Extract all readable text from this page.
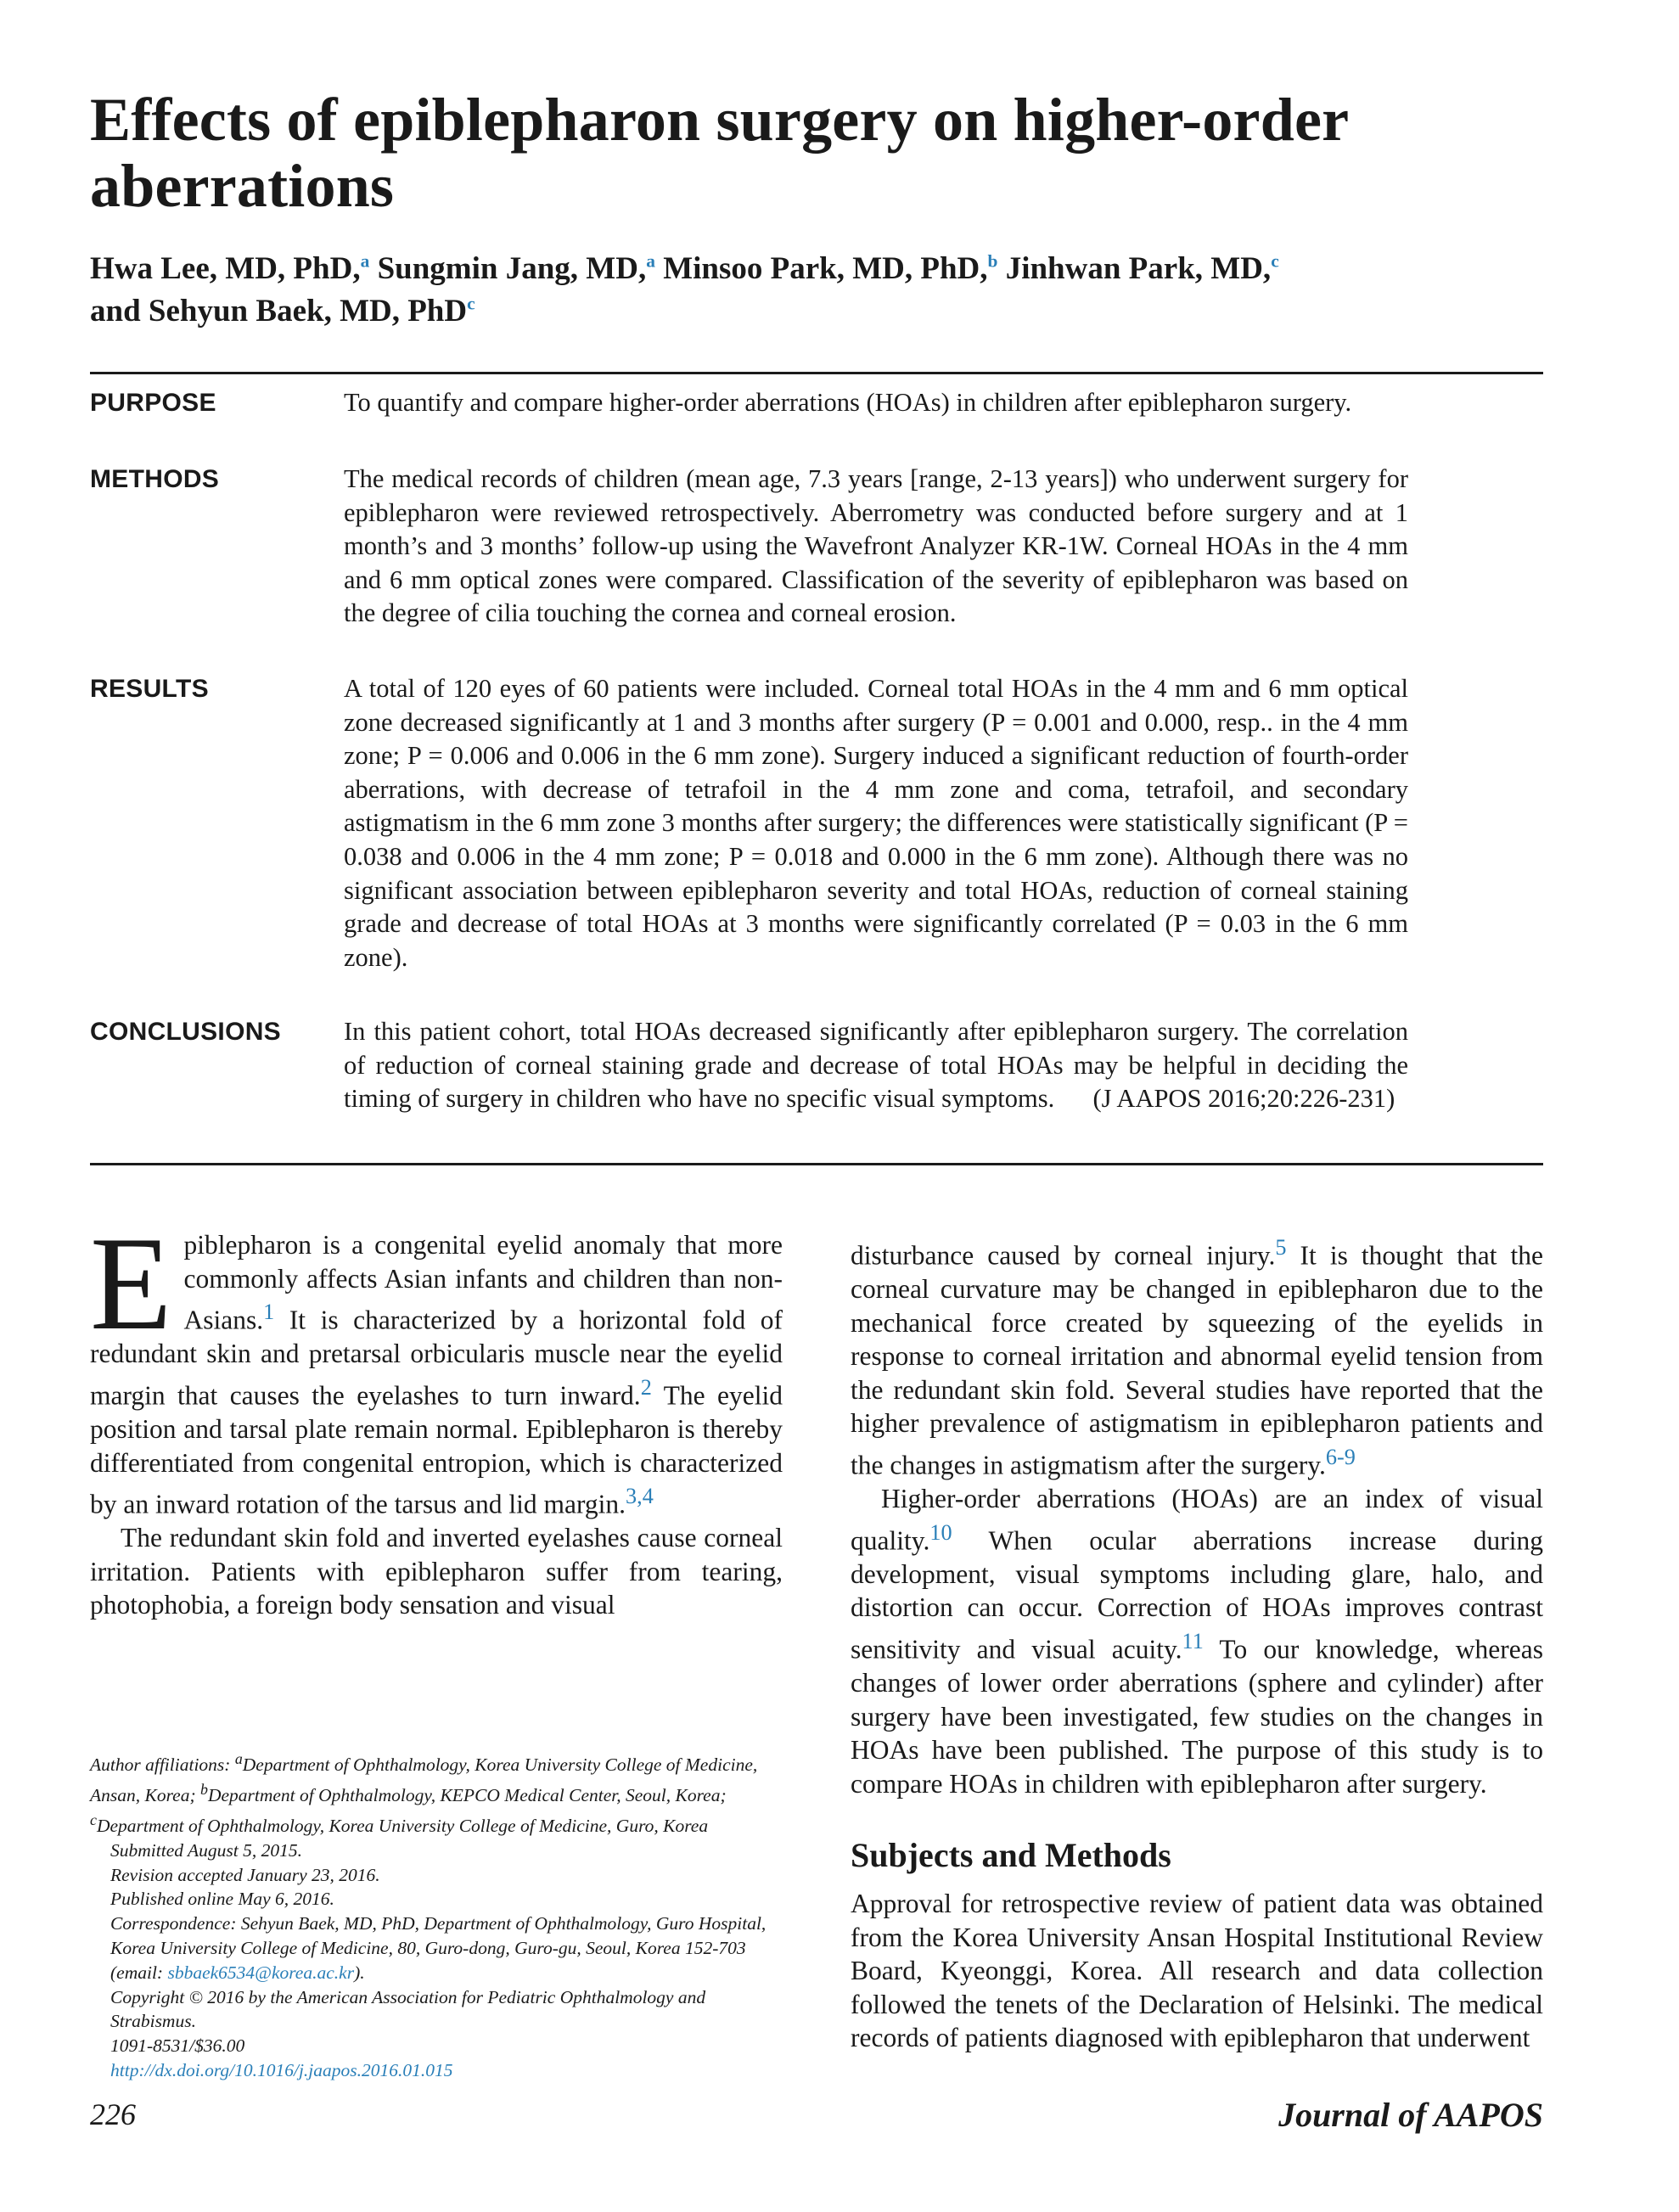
Effects of epiblepharon surgery on higher-order aberrations
Hwa Lee, MD, PhD,$^a$ Sungmin Jang, MD,$^a$ Minsoo Park, MD, PhD,$^b$ Jinhwan Park, MD,$^c$
and Sehyun Baek, MD, PhD$^c$
PURPOSE	To quantify and compare higher-order aberrations (HOAs) in children after epiblepharon surgery.
METHODS	The medical records of children (mean age, 7.3 years [range, 2-13 years]) who underwent surgery for epiblepharon were reviewed retrospectively. Aberrometry was conducted before surgery and at 1 month’s and 3 months’ follow-up using the Wavefront Analyzer KR-1W. Corneal HOAs in the 4 mm and 6 mm optical zones were compared. Classification of the severity of epiblepharon was based on the degree of cilia touching the cornea and corneal erosion.
RESULTS	A total of 120 eyes of 60 patients were included. Corneal total HOAs in the 4 mm and 6 mm optical zone decreased significantly at 1 and 3 months after surgery (P = 0.001 and 0.000, resp.. in the 4 mm zone; P = 0.006 and 0.006 in the 6 mm zone). Surgery induced a significant reduction of fourth-order aberrations, with decrease of tetrafoil in the 4 mm zone and coma, tetrafoil, and secondary astigmatism in the 6 mm zone 3 months after surgery; the differences were statistically significant (P = 0.038 and 0.006 in the 4 mm zone; P = 0.018 and 0.000 in the 6 mm zone). Although there was no significant association between epiblepharon severity and total HOAs, reduction of corneal staining grade and decrease of total HOAs at 3 months were significantly correlated (P = 0.03 in the 6 mm zone).
CONCLUSIONS In this patient cohort, total HOAs decreased significantly after epiblepharon surgery. The correlation of reduction of corneal staining grade and decrease of total HOAs may be helpful in deciding the timing of surgery in children who have no specific visual symptoms. (J AAPOS 2016;20:226-231)

Epiblepharon is a congenital eyelid anomaly that more commonly affects Asian infants and children than non-Asians.$^1$ It is characterized by a horizontal fold of redundant skin and pretarsal orbicularis muscle near the eyelid margin that causes the eyelashes to turn inward.$^2$ The eyelid position and tarsal plate remain normal. Epiblepharon is thereby differentiated from congenital entropion, which is characterized by an inward rotation of the tarsus and lid margin.$^{3,4}$

The redundant skin fold and inverted eyelashes cause corneal irritation. Patients with epiblepharon suffer from tearing, photophobia, a foreign body sensation and visual

Author affiliations: $^a$Department of Ophthalmology, Korea University College of Medicine, Ansan, Korea; $^b$Department of Ophthalmology, KEPCO Medical Center, Seoul, Korea; $^c$Department of Ophthalmology, Korea University College of Medicine, Guro, Korea

Submitted August 5, 2015.

Revision accepted January 23, 2016.

Published online May 6, 2016.

Correspondence: Sehyun Baek, MD, PhD, Department of Ophthalmology, Guro Hospital, Korea University College of Medicine, 80, Guro-dong, Guro-gu, Seoul, Korea 152-703 (email: sbbaek6534@korea.ac.kr).

Copyright © 2016 by the American Association for Pediatric Ophthalmology and Strabismus.

1091-8531/$36.00

http://dx.doi.org/10.1016/j.jaapos.2016.01.015

disturbance caused by corneal injury.$^5$ It is thought that the corneal curvature may be changed in epiblepharon due to the mechanical force created by squeezing of the eyelids in response to corneal irritation and abnormal eyelid tension from the redundant skin fold. Several studies have reported that the higher prevalence of astigmatism in epiblepharon patients and the changes in astigmatism after the surgery.$^{6-9}$

Higher-order aberrations (HOAs) are an index of visual quality.$^{10}$ When ocular aberrations increase during development, visual symptoms including glare, halo, and distortion can occur. Correction of HOAs improves contrast sensitivity and visual acuity.$^{11}$ To our knowledge, whereas changes of lower order aberrations (sphere and cylinder) after surgery have been investigated, few studies on the changes in HOAs have been published. The purpose of this study is to compare HOAs in children with epiblepharon after surgery.

Subjects and Methods

Approval for retrospective review of patient data was obtained from the Korea University Ansan Hospital Institutional Review Board, Kyeonggi, Korea. All research and data collection followed the tenets of the Declaration of Helsinki. The medical records of patients diagnosed with epiblepharon that underwent

226	Journal of AAPOS
